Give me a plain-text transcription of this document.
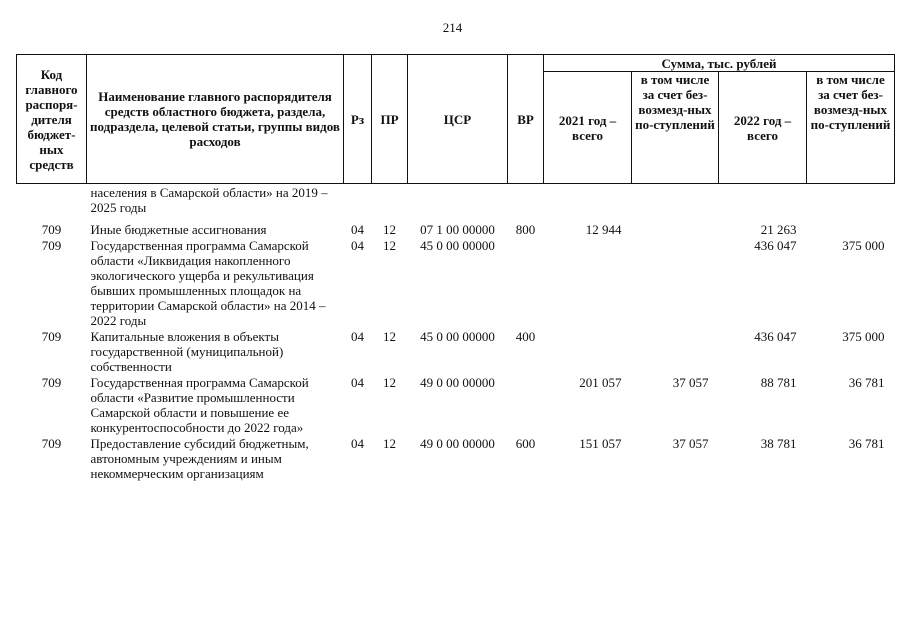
214
Код главного распоря-дителя бюджет-ных средств	Наименование главного распорядителя средств областного бюджета, раздела, подраздела, целевой статьи, группы видов расходов	Рз	ПР	ЦСР	ВР	Сумма, тыс. рублей			
						2021 год – всего	в том числе за счет без-возмезд-ных по-ступлений	2022 год – всего	в том числе за счет без-возмезд-ных по-ступлений
	населения в Самарской области» на 2019 – 2025 годы								
709	Иные бюджетные ассигнования	04	12	07 1 00 00000	800	12 944		21 263	
709	Государственная программа Самарской области «Ликвидация накопленного экологического ущерба и рекультивация бывших промышленных площадок на территории Самарской области» на 2014 – 2022 годы	04	12	45 0 00 00000				436 047	375 000
709	Капитальные вложения в объекты государственной (муниципальной) собственности	04	12	45 0 00 00000	400			436 047	375 000
709	Государственная программа Самарской области «Развитие промышленности Самарской области и повышение ее конкурентоспособности до 2022 года»	04	12	49 0 00 00000		201 057	37 057	88 781	36 781
709	Предоставление субсидий бюджетным, автономным учреждениям и иным некоммерческим организациям	04	12	49 0 00 00000	600	151 057	37 057	38 781	36 781
